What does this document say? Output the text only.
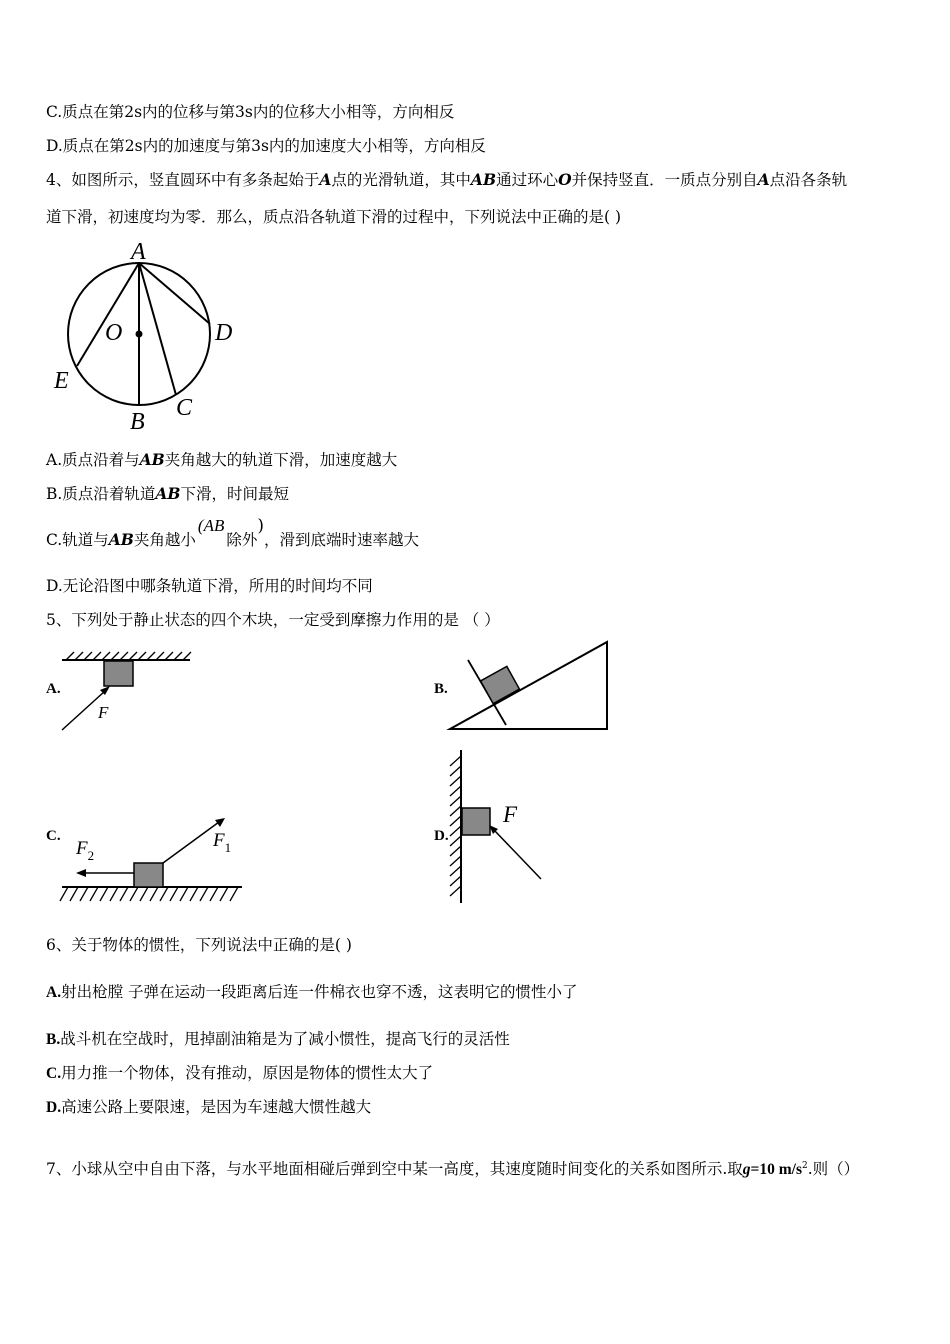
C.质点在第2s内的位移与第3s内的位移大小相等，方向相反
D.质点在第2s内的加速度与第3s内的加速度大小相等，方向相反
4、如图所示，竖直圆环中有多条起始于A点的光滑轨道，其中AB通过环心O并保持竖直．一质点分别自A点沿各条轨
道下滑，初速度均为零．那么，质点沿各轨道下滑的过程中，下列说法中正确的是( )
A
O	D
E
B
C
A.质点沿着与AB夹角越大的轨道下滑，加速度越大
B.质点沿着轨道AB下滑，时间最短
C.轨道与AB夹角越小(AB除外)，滑到底端时速率越大
D.无论沿图中哪条轨道下滑，所用的时间均不同
5、下列处于静止状态的四个木块，一定受到摩擦力作用的是 （ ）
A.
F
B.
C.
$F_2$
$F_1$
D.
F
6、关于物体的惯性，下列说法中正确的是( )
A.射出枪膛 子弹在运动一段距离后连一件棉衣也穿不透，这表明它的惯性小了
B.战斗机在空战时，甩掉副油箱是为了减小惯性，提高飞行的灵活性
C.用力推一个物体，没有推动，原因是物体的惯性太大了
D.高速公路上要限速，是因为车速越大惯性越大
7、小球从空中自由下落，与水平地面相碰后弹到空中某一高度，其速度随时间变化的关系如图所示.取g=10 $m/s^2$.则（）
